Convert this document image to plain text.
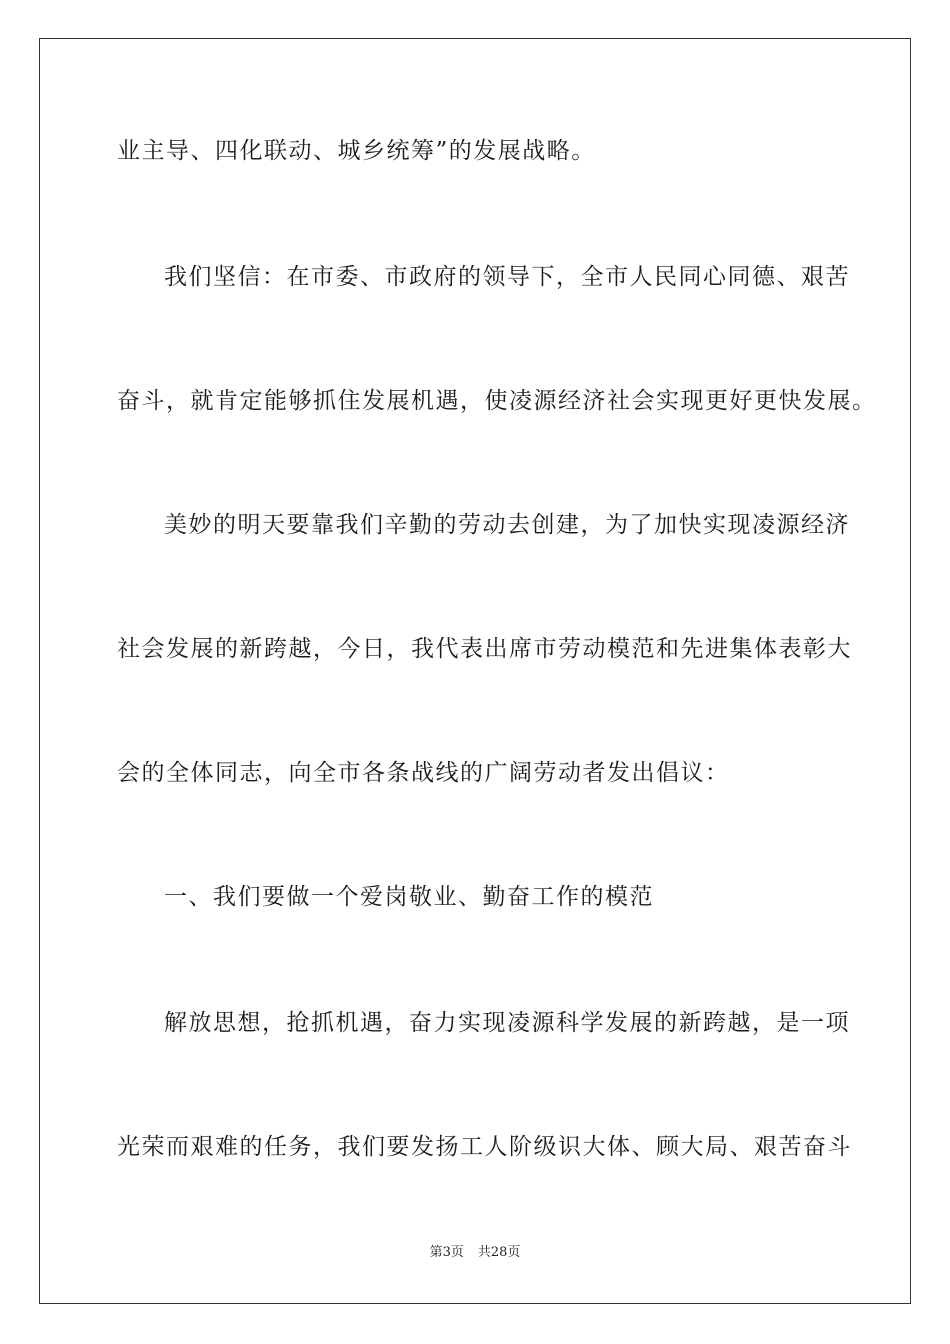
业主导、四化联动、城乡统筹”的发展战略。
我们坚信：在市委、市政府的领导下，全市人民同心同德、艰苦
奋斗，就肯定能够抓住发展机遇，使凌源经济社会实现更好更快发展。
美妙的明天要靠我们辛勤的劳动去创建，为了加快实现凌源经济
社会发展的新跨越，今日，我代表出席市劳动模范和先进集体表彰大
会的全体同志，向全市各条战线的广阔劳动者发出倡议：
一、我们要做一个爱岗敬业、勤奋工作的模范
解放思想，抢抓机遇，奋力实现凌源科学发展的新跨越，是一项
光荣而艰难的任务，我们要发扬工人阶级识大体、顾大局、艰苦奋斗
第3页 共28页
